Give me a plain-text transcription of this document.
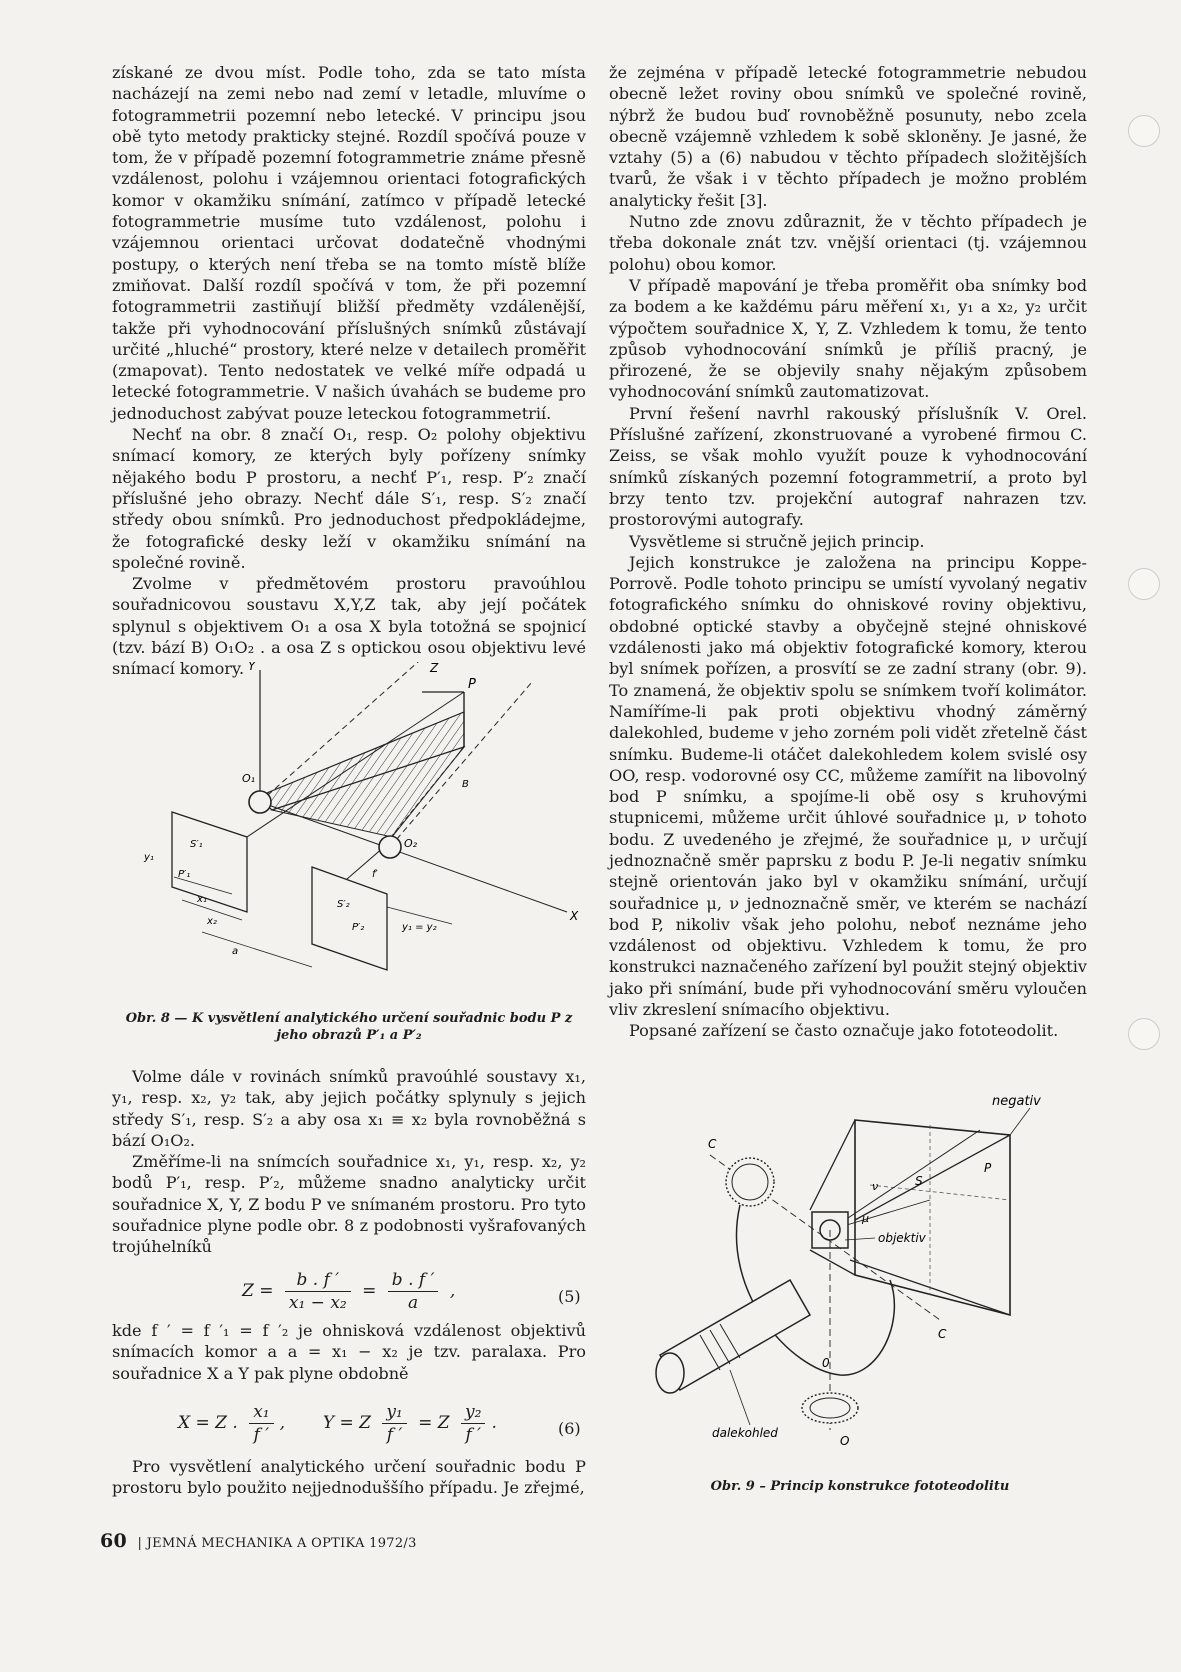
získané ze dvou míst. Podle toho, zda se tato místa nacházejí na zemi nebo nad zemí v letadle, mluvíme o fotogrammetrii pozemní nebo letecké. V principu jsou obě tyto metody prakticky stejné. Rozdíl spočívá pouze v tom, že v případě pozemní fotogrammetrie známe přesně vzdálenost, polohu i vzájemnou orientaci fotografických komor v okamžiku snímání, zatímco v případě letecké fotogrammetrie musíme tuto vzdálenost, polohu i vzájemnou orientaci určovat dodatečně vhodnými postupy, o kterých není třeba se na tomto místě blíže zmiňovat. Další rozdíl spočívá v tom, že při pozemní fotogrammetrii zastiňují bližší předměty vzdálenější, takže při vyhodnocování příslušných snímků zůstávají určité „hluché“ prostory, které nelze v detailech proměřit (zmapovat). Tento nedostatek ve velké míře odpadá u letecké fotogrammetrie. V našich úvahách se budeme pro jednoduchost zabývat pouze leteckou fotogrammetrií.

Nechť na obr. 8 značí O₁, resp. O₂ polohy objektivu snímací komory, ze kterých byly pořízeny snímky nějakého bodu P prostoru, a nechť P′₁, resp. P′₂ značí příslušné jeho obrazy. Nechť dále S′₁, resp. S′₂ značí středy obou snímků. Pro jednoduchost předpokládejme, že fotografické desky leží v okamžiku snímání na společné rovině.

Zvolme v předmětovém prostoru pravoúhlou souřadnicovou soustavu X,Y,Z tak, aby její počátek splynul s objektivem O₁ a osa X byla totožná se spojnicí (tzv. bází B) O₁O₂ . a osa Z s optickou osou objektivu levé snímací komory.	Z
Y
X
P
O₁
O₂
S′₁
P′₁
S′₂
P′₂
y₁
x₁
x₂
a
f′
y₁ = y₂
B
Obr. 8 — K vysvětlení analytického určení souřadnic bodu P z jeho obrazů P′₁ a P′₂

Volme dále v rovinách snímků pravoúhlé soustavy x₁, y₁, resp. x₂, y₂ tak, aby jejich počátky splynuly s jejich středy S′₁, resp. S′₂ a aby osa x₁ ≡ x₂ byla rovnoběžná s bází O₁O₂.

Změříme-li na snímcích souřadnice x₁, y₁, resp. x₂, y₂ bodů P′₁, resp. P′₂, můžeme snadno analyticky určit souřadnice X, Y, Z bodu P ve snímaném prostoru. Pro tyto souřadnice plyne podle obr. 8 z podobnosti vyšrafovaných trojúhelníků

$Z = \frac{b . f '}{\text{x₁ − x₂}} = \frac{b . f '}{a}$ ,	(5)

kde f ′ = f ′₁ = f ′₂ je ohnisková vzdálenost objektivů snímacích komor a a = x₁ − x₂ je tzv. paralaxa. Pro souřadnice X a Y pak plyne obdobně

X = Z . $\frac{\text{x₁}}{f '}$ , Y = Z $\frac{\text{y₁}}{f '} = Z \frac{\text{y₂}}{f '}$ .	(6)

Pro vysvětlení analytického určení souřadnic bodu P prostoru bylo použito nejjednoduššího případu. Je zřejmé,

že zejména v případě letecké fotogrammetrie nebudou obecně ležet roviny obou snímků ve společné rovině, nýbrž že budou buď rovnoběžně posunuty, nebo zcela obecně vzájemně vzhledem k sobě skloněny. Je jasné, že vztahy (5) a (6) nabudou v těchto případech složitějších tvarů, že však i v těchto případech je možno problém analyticky řešit [3].

Nutno zde znovu zdůraznit, že v těchto případech je třeba dokonale znát tzv. vnější orientaci (tj. vzájemnou polohu) obou komor.

V případě mapování je třeba proměřit oba snímky bod za bodem a ke každému páru měření x₁, y₁ a x₂, y₂ určit výpočtem souřadnice X, Y, Z. Vzhledem k tomu, že tento způsob vyhodnocování snímků je příliš pracný, je přirozené, že se objevily snahy nějakým způsobem vyhodnocování snímků zautomatizovat.

První řešení navrhl rakouský příslušník V. Orel. Příslušné zařízení, zkonstruované a vyrobené firmou C. Zeiss, se však mohlo využít pouze k vyhodnocování snímků získaných pozemní fotogrammetrií, a proto byl brzy tento tzv. projekční autograf nahrazen tzv. prostorovými autografy.

Vysvětleme si stručně jejich princip.

Jejich konstrukce je založena na principu Koppe-Porrově. Podle tohoto principu se umístí vyvolaný negativ fotografického snímku do ohniskové roviny objektivu, obdobné optické stavby a obyčejně stejné ohniskové vzdálenosti jako má objektiv fotografické komory, kterou byl snímek pořízen, a prosvítí se ze zadní strany (obr. 9). To znamená, že objektiv spolu se snímkem tvoří kolimátor. Namíříme-li pak proti objektivu vhodný záměrný dalekohled, budeme v jeho zorném poli vidět zřetelně část snímku. Budeme-li otáčet dalekohledem kolem svislé osy OO, resp. vodorovné osy CC, můžeme zamířit na libovolný bod P snímku, a spojíme-li obě osy s kruhovými stupnicemi, můžeme určit úhlové souřadnice μ, ν tohoto bodu. Z uvedeného je zřejmé, že souřadnice μ, ν určují jednoznačně směr paprsku z bodu P. Je-li negativ snímku stejně orientován jako byl v okamžiku snímání, určují souřadnice μ, ν jednoznačně směr, ve kterém se nachází bod P, nikoliv však jeho polohu, neboť neznáme jeho vzdálenost od objektivu. Vzhledem k tomu, že pro konstrukci naznačeného zařízení byl použit stejný objektiv jako při snímání, bude při vyhodnocování směru vyloučen vliv zkreslení snímacího objektivu.

Popsané zařízení se často označuje jako fototeodolit.

negativ
objektiv
dalekohled
C
C
0
O
S
P
μ
ν
Obr. 9 – Princip konstrukce fototeodolitu
60 | JEMNÁ MECHANIKA A OPTIKA 1972/3
